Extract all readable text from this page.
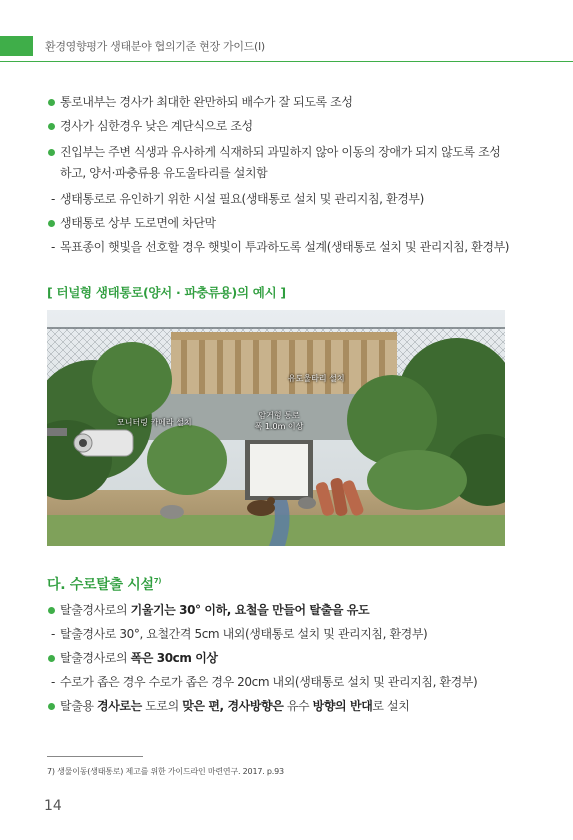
환경영향평가 생태분야 협의기준 현장 가이드(Ⅰ)
통로내부는 경사가 최대한 완만하되 배수가 잘 되도록 조성
경사가 심한경우 낮은 계단식으로 조성
진입부는 주변 식생과 유사하게 식재하되 과밀하지 않아 이동의 장애가 되지 않도록 조성
하고, 양서·파충류용 유도울타리를 설치함
- 생태통로로 유인하기 위한 시설 필요(생태통로 설치 및 관리지침, 환경부)
생태통로 상부 도로면에 차단막
- 목표종이 햇빛을 선호할 경우 햇빛이 투과하도록 설계(생태통로 설치 및 관리지침, 환경부)
[ 터널형 생태통로(양서 · 파충류용)의 예시 ]
유도울타리 설치
모니터링 카메라 설치
암거형 통로
폭 1.0m 이상
다. 수로탈출 시설$^{7)}$
탈출경사로의 기울기는 30° 이하, 요철을 만들어 탈출을 유도
- 탈출경사로 30°, 요철간격 5cm 내외(생태통로 설치 및 관리지침, 환경부)
탈출경사로의 폭은 30cm 이상
- 수로가 좁은 경우 수로가 좁은 경우 20cm 내외(생태통로 설치 및 관리지침, 환경부)
탈출용 경사로는 도로의 맞은 편, 경사방향은 유수 방향의 반대로 설치
7) 생물이동(생태통로) 제고를 위한 가이드라인 마련연구. 2017. p.93
14
